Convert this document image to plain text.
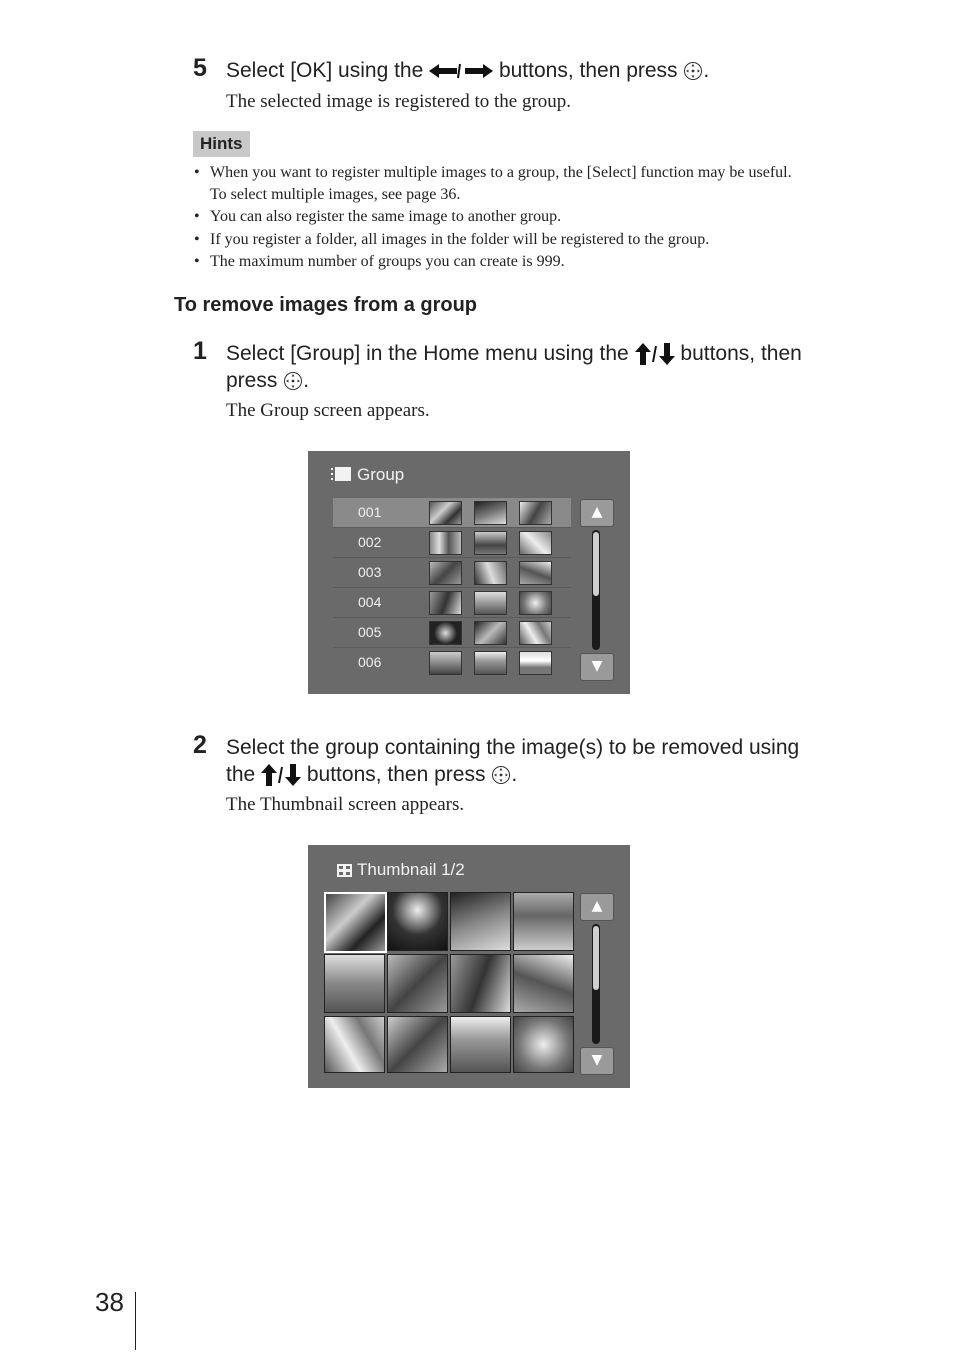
5 Select [OK] using the	buttons, then press .
The selected image is registered to the group.
Hints
• When you want to register multiple images to a group, the [Select] function may be useful.
To select multiple images, see page 36.
• You can also register the same image to another group.
• If you register a folder, all images in the folder will be registered to the group.
• The maximum number of groups you can create is 999.
To remove images from a group
1 Select [Group] in the Home menu using the  buttons, then
press .
The Group screen appears.
Group
001
002
003
004
005
006
▲
▼
2 Select the group containing the image(s) to be removed using
the  buttons, then press .
The Thumbnail screen appears.
Thumbnail 1/2
▲
▼
38
